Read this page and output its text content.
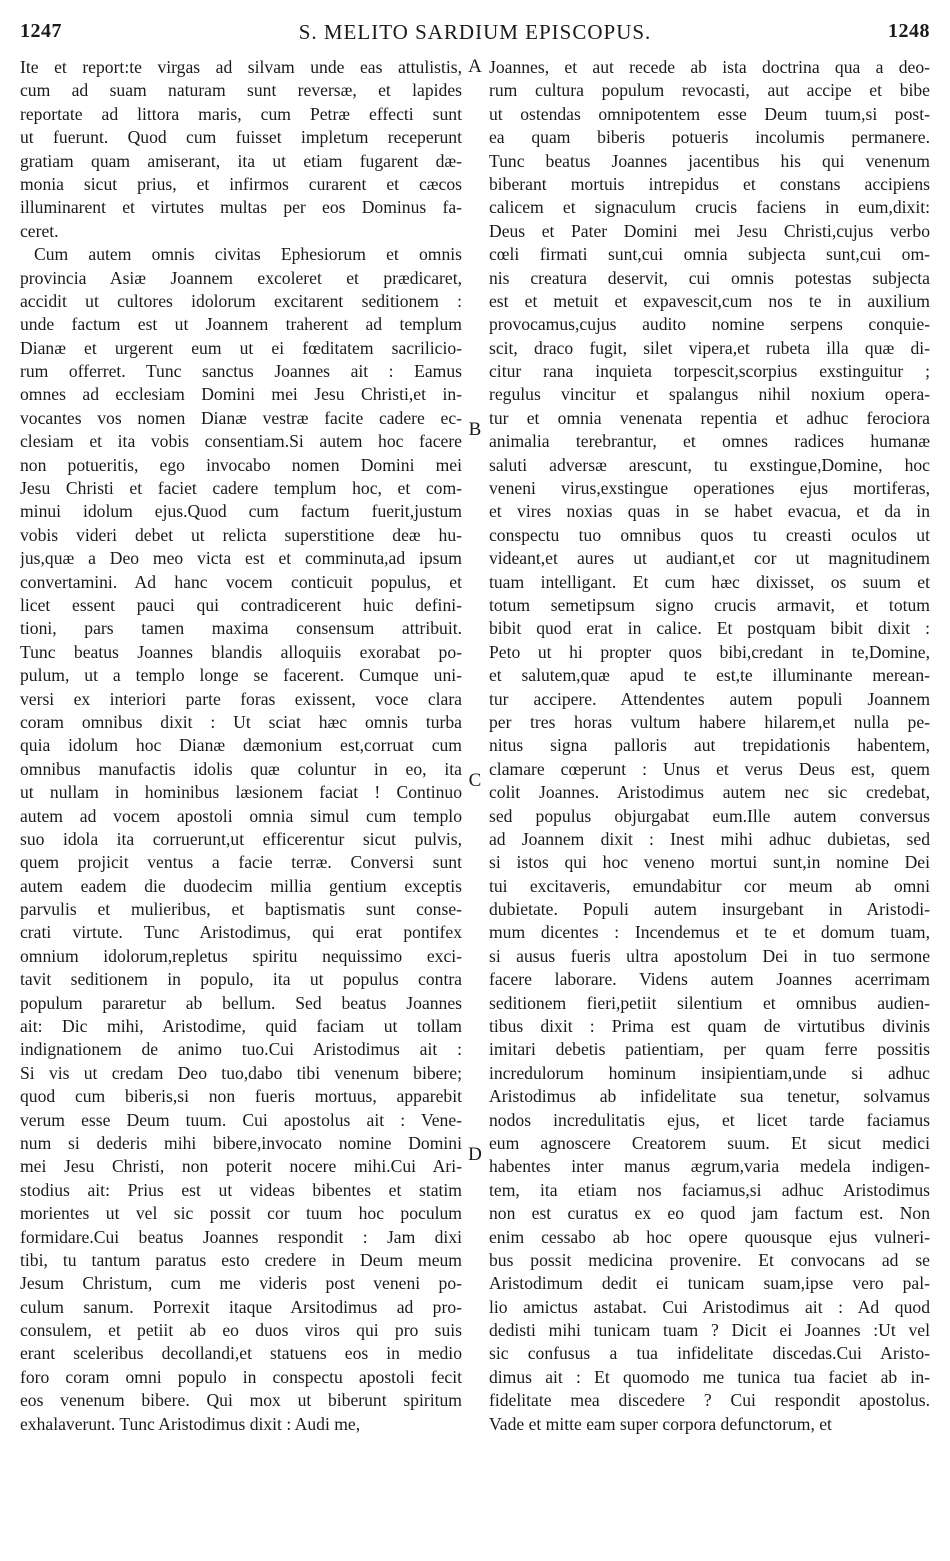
1247	S. MELITO SARDIUM EPISCOPUS.	1248
Ite et report:te virgas ad silvam unde eas attulistis,
cum ad suam naturam sunt reversæ, et lapides
reportate ad littora maris, cum Petræ effecti sunt
ut fuerunt. Quod cum fuisset impletum receperunt
gratiam quam amiserant, ita ut etiam fugarent dæ-
monia sicut prius, et infirmos curarent et cæcos
illuminarent et virtutes multas per eos Dominus fa-
ceret.
Cum autem omnis civitas Ephesiorum et omnis
provincia Asiæ Joannem excoleret et prædicaret,
accidit ut cultores idolorum excitarent seditionem :
unde factum est ut Joannem traherent ad templum
Dianæ et urgerent eum ut ei fœditatem sacrilicio-
rum offerret. Tunc sanctus Joannes ait : Eamus
omnes ad ecclesiam Domini mei Jesu Christi,et in-
vocantes vos nomen Dianæ vestræ facite cadere ec-
clesiam et ita vobis consentiam.Si autem hoc facere
non potueritis, ego invocabo nomen Domini mei
Jesu Christi et faciet cadere templum hoc, et com-
minui idolum ejus.Quod cum factum fuerit,justum
vobis videri debet ut relicta superstitione deæ hu-
jus,quæ a Deo meo victa est et comminuta,ad ipsum
convertamini. Ad hanc vocem conticuit populus, et
licet essent pauci qui contradicerent huic defini-
tioni, pars tamen maxima consensum attribuit.
Tunc beatus Joannes blandis alloquiis exorabat po-
pulum, ut a templo longe se facerent. Cumque uni-
versi ex interiori parte foras exissent, voce clara
coram omnibus dixit : Ut sciat hæc omnis turba
quia idolum hoc Dianæ dæmonium est,corruat cum
omnibus manufactis idolis quæ coluntur in eo, ita
ut nullam in hominibus læsionem faciat ! Continuo
autem ad vocem apostoli omnia simul cum templo
suo idola ita corruerunt,ut efficerentur sicut pulvis,
quem projicit ventus a facie terræ. Conversi sunt
autem eadem die duodecim millia gentium exceptis
parvulis et mulieribus, et baptismatis sunt conse-
crati virtute. Tunc Aristodimus, qui erat pontifex
omnium idolorum,repletus spiritu nequissimo exci-
tavit seditionem in populo, ita ut populus contra
populum pararetur ab bellum. Sed beatus Joannes
ait: Dic mihi, Aristodime, quid faciam ut tollam
indignationem de animo tuo.Cui Aristodimus ait :
Si vis ut credam Deo tuo,dabo tibi venenum bibere;
quod cum biberis,si non fueris mortuus, apparebit
verum esse Deum tuum. Cui apostolus ait : Vene-
num si dederis mihi bibere,invocato nomine Domini
mei Jesu Christi, non poterit nocere mihi.Cui Ari-
stodius ait: Prius est ut videas bibentes et statim
morientes ut vel sic possit cor tuum hoc poculum
formidare.Cui beatus Joannes respondit : Jam dixi
tibi, tu tantum paratus esto credere in Deum meum
Jesum Christum, cum me videris post veneni po-
culum sanum. Porrexit itaque Arsitodimus ad pro-
consulem, et petiit ab eo duos viros qui pro suis
erant sceleribus decollandi,et statuens eos in medio
foro coram omni populo in conspectu apostoli fecit
eos venenum bibere. Qui mox ut biberunt spiritum
exhalaverunt. Tunc Aristodimus dixit : Audi me,
Joannes, et aut recede ab ista doctrina qua a deo-
rum cultura populum revocasti, aut accipe et bibe
ut ostendas omnipotentem esse Deum tuum,si post-
ea quam biberis potueris incolumis permanere.
Tunc beatus Joannes jacentibus his qui venenum
biberant mortuis intrepidus et constans accipiens
calicem et signaculum crucis faciens in eum,dixit:
Deus et Pater Domini mei Jesu Christi,cujus verbo
cœli firmati sunt,cui omnia subjecta sunt,cui om-
nis creatura deservit, cui omnis potestas subjecta
est et metuit et expavescit,cum nos te in auxilium
provocamus,cujus audito nomine serpens conquie-
scit, draco fugit, silet vipera,et rubeta illa quæ di-
citur rana inquieta torpescit,scorpius exstinguitur ;
regulus vincitur et spalangus nihil noxium opera-
tur et omnia venenata repentia et adhuc ferociora
animalia terebrantur, et omnes radices humanæ
saluti adversæ arescunt, tu exstingue,Domine, hoc
veneni virus,exstingue operationes ejus mortiferas,
et vires noxias quas in se habet evacua, et da in
conspectu tuo omnibus quos tu creasti oculos ut
videant,et aures ut audiant,et cor ut magnitudinem
tuam intelligant. Et cum hæc dixisset, os suum et
totum semetipsum signo crucis armavit, et totum
bibit quod erat in calice. Et postquam bibit dixit :
Peto ut hi propter quos bibi,credant in te,Domine,
et salutem,quæ apud te est,te illuminante merean-
tur accipere. Attendentes autem populi Joannem
per tres horas vultum habere hilarem,et nulla pe-
nitus signa palloris aut trepidationis habentem,
clamare cœperunt : Unus et verus Deus est, quem
colit Joannes. Aristodimus autem nec sic credebat,
sed populus objurgabat eum.Ille autem conversus
ad Joannem dixit : Inest mihi adhuc dubietas, sed
si istos qui hoc veneno mortui sunt,in nomine Dei
tui excitaveris, emundabitur cor meum ab omni
dubietate. Populi autem insurgebant in Aristodi-
mum dicentes : Incendemus et te et domum tuam,
si ausus fueris ultra apostolum Dei in tuo sermone
facere laborare. Videns autem Joannes acerrimam
seditionem fieri,petiit silentium et omnibus audien-
tibus dixit : Prima est quam de virtutibus divinis
imitari debetis patientiam, per quam ferre possitis
incredulorum hominum insipientiam,unde si adhuc
Aristodimus ab infidelitate sua tenetur, solvamus
nodos incredulitatis ejus, et licet tarde faciamus
eum agnoscere Creatorem suum. Et sicut medici
habentes inter manus ægrum,varia medela indigen-
tem, ita etiam nos faciamus,si adhuc Aristodimus
non est curatus ex eo quod jam factum est. Non
enim cessabo ab hoc opere quousque ejus vulneri-
bus possit medicina provenire. Et convocans ad se
Aristodimum dedit ei tunicam suam,ipse vero pal-
lio amictus astabat. Cui Aristodimus ait : Ad quod
dedisti mihi tunicam tuam ? Dicit ei Joannes :Ut vel
sic confusus a tua infidelitate discedas.Cui Aristo-
dimus ait : Et quomodo me tunica tua faciet ab in-
fidelitate mea discedere ? Cui respondit apostolus.
Vade et mitte eam super corpora defunctorum, et
A
B
C
D
